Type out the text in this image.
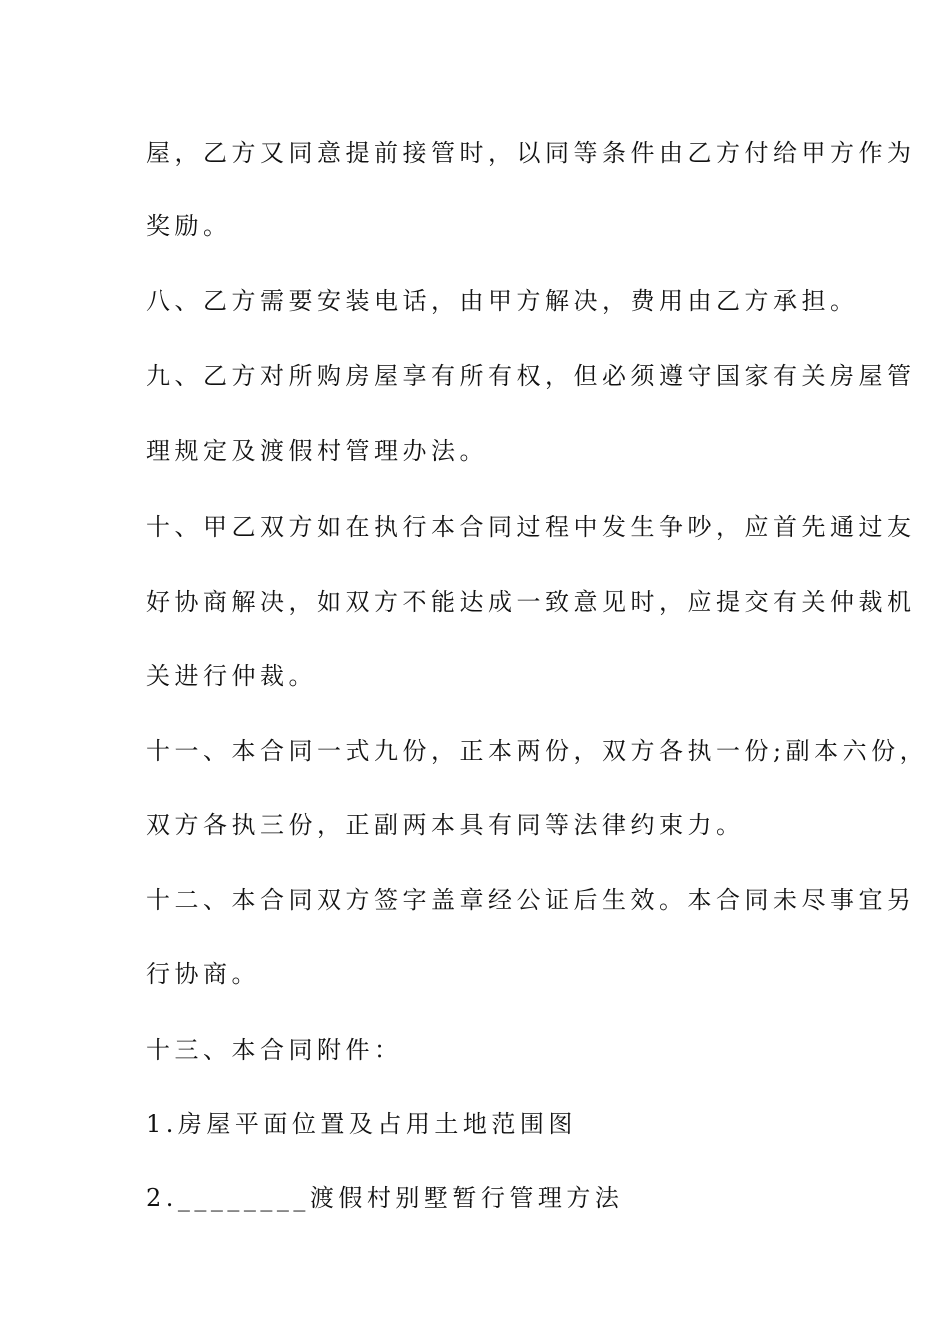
屋，乙方又同意提前接管时，以同等条件由乙方付给甲方作为
奖励。
八、乙方需要安装电话，由甲方解决，费用由乙方承担。
九、乙方对所购房屋享有所有权，但必须遵守国家有关房屋管
理规定及渡假村管理办法。
十、甲乙双方如在执行本合同过程中发生争吵，应首先通过友
好协商解决，如双方不能达成一致意见时，应提交有关仲裁机
关进行仲裁。
十一、本合同一式九份，正本两份，双方各执一份;副本六份，
双方各执三份，正副两本具有同等法律约束力。
十二、本合同双方签字盖章经公证后生效。本合同未尽事宜另
行协商。
十三、本合同附件：
1.房屋平面位置及占用土地范围图
2.________渡假村别墅暂行管理方法
